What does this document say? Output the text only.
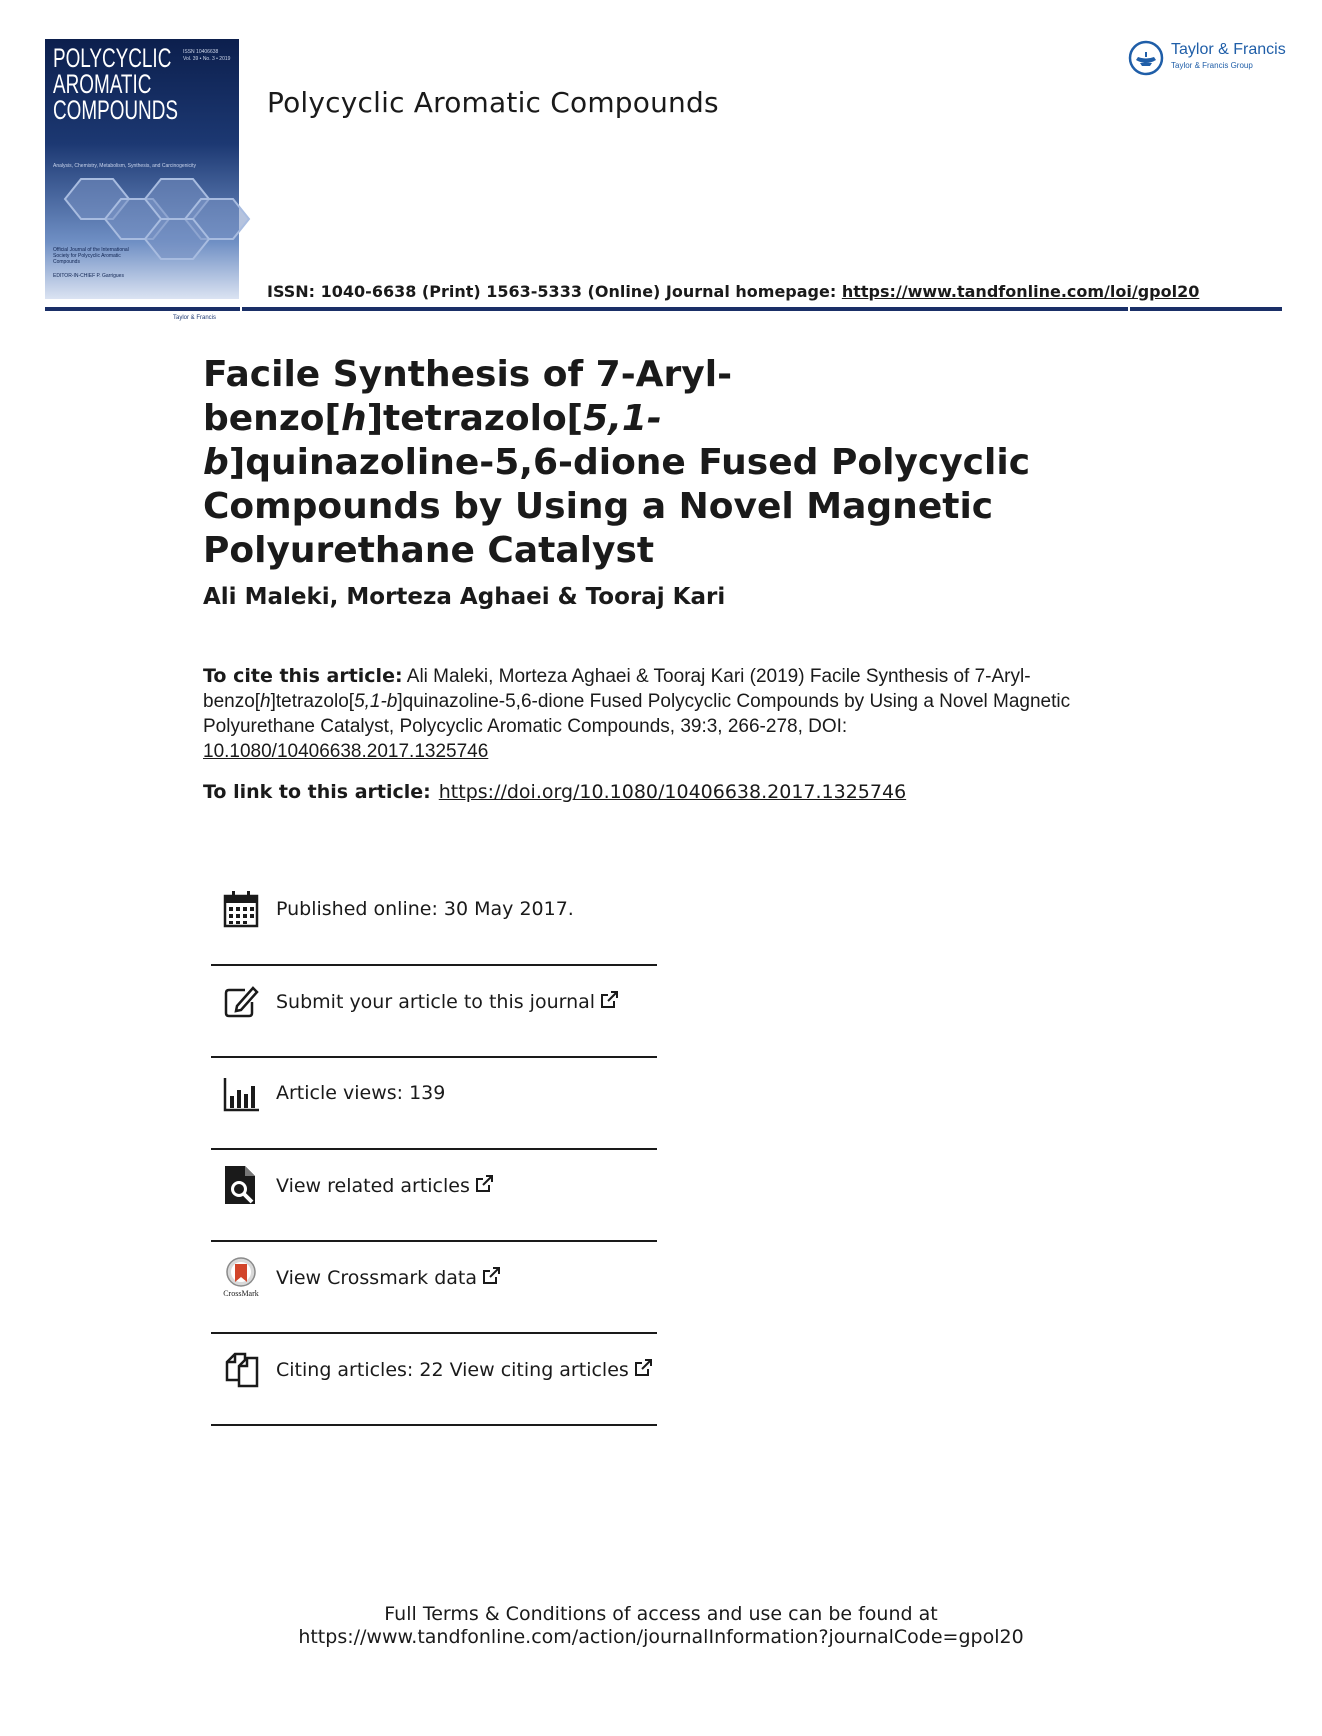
POLYCYCLIC
AROMATIC
COMPOUNDS

ISSN 10406638
Vol. 39 • No. 3 • 2019
Analysis, Chemistry, Metabolism, Synthesis, and Carcinogenicity
Official Journal of the International Society for Polycyclic Aromatic Compounds
EDITOR-IN-CHIEF P. Garrigues
Taylor & Francis
Polycyclic Aromatic Compounds
Taylor & Francis
Taylor & Francis Group
ISSN: 1040-6638 (Print) 1563-5333 (Online) Journal homepage: https://www.tandfonline.com/loi/gpol20
Facile Synthesis of 7-Aryl-benzo[h]tetrazolo[5,1-
b]quinazoline-5,6-dione Fused Polycyclic Compounds by Using a Novel Magnetic Polyurethane Catalyst

Ali Maleki, Morteza Aghaei & Tooraj Kari

To cite this article: Ali Maleki, Morteza Aghaei & Tooraj Kari (2019) Facile Synthesis of 7-Aryl-benzo[h]tetrazolo[5,1-b]quinazoline-5,6-dione Fused Polycyclic Compounds by Using a Novel Magnetic Polyurethane Catalyst, Polycyclic Aromatic Compounds, 39:3, 266-278, DOI:
10.1080/10406638.2017.1325746
To link to this article: https://doi.org/10.1080/10406638.2017.1325746
Published online: 30 May 2017.
Submit your article to this journal
Article views: 139
View related articles
CrossMark
View Crossmark data
Citing articles: 22 View citing articles

Full Terms & Conditions of access and use can be found at

https://www.tandfonline.com/action/journalInformation?journalCode=gpol20
